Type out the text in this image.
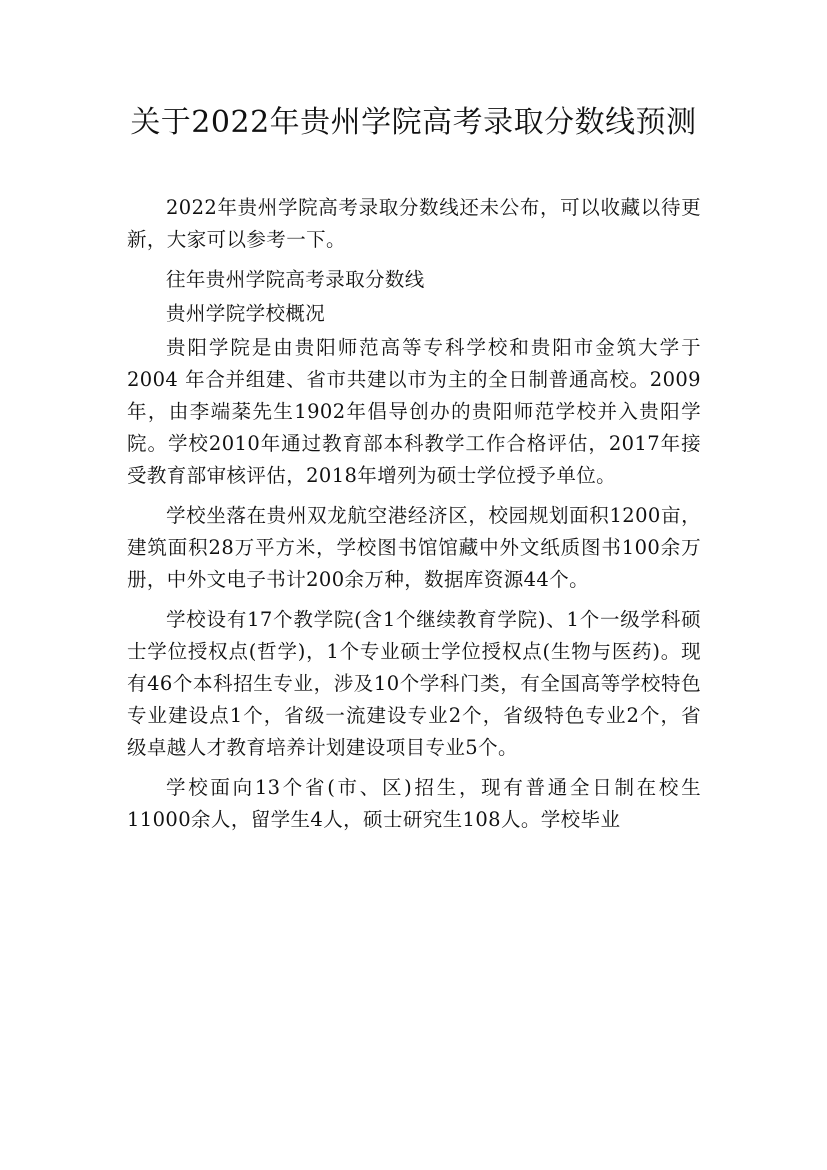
关于2022年贵州学院高考录取分数线预测

2022年贵州学院高考录取分数线还未公布，可以收藏以待更新，大家可以参考一下。

往年贵州学院高考录取分数线

贵州学院学校概况

贵阳学院是由贵阳师范高等专科学校和贵阳市金筑大学于 2004 年合并组建、省市共建以市为主的全日制普通高校。2009年，由李端棻先生1902年倡导创办的贵阳师范学校并入贵阳学院。学校2010年通过教育部本科教学工作合格评估，2017年接受教育部审核评估，2018年增列为硕士学位授予单位。

学校坐落在贵州双龙航空港经济区，校园规划面积1200亩，建筑面积28万平方米，学校图书馆馆藏中外文纸质图书100余万册，中外文电子书计200余万种，数据库资源44个。

学校设有17个教学院(含1个继续教育学院)、1个一级学科硕士学位授权点(哲学)，1个专业硕士学位授权点(生物与医药)。现有46个本科招生专业，涉及10个学科门类，有全国高等学校特色专业建设点1个，省级一流建设专业2个，省级特色专业2个，省级卓越人才教育培养计划建设项目专业5个。

学校面向13个省(市、区)招生，现有普通全日制在校生11000余人，留学生4人，硕士研究生108人。学校毕业
